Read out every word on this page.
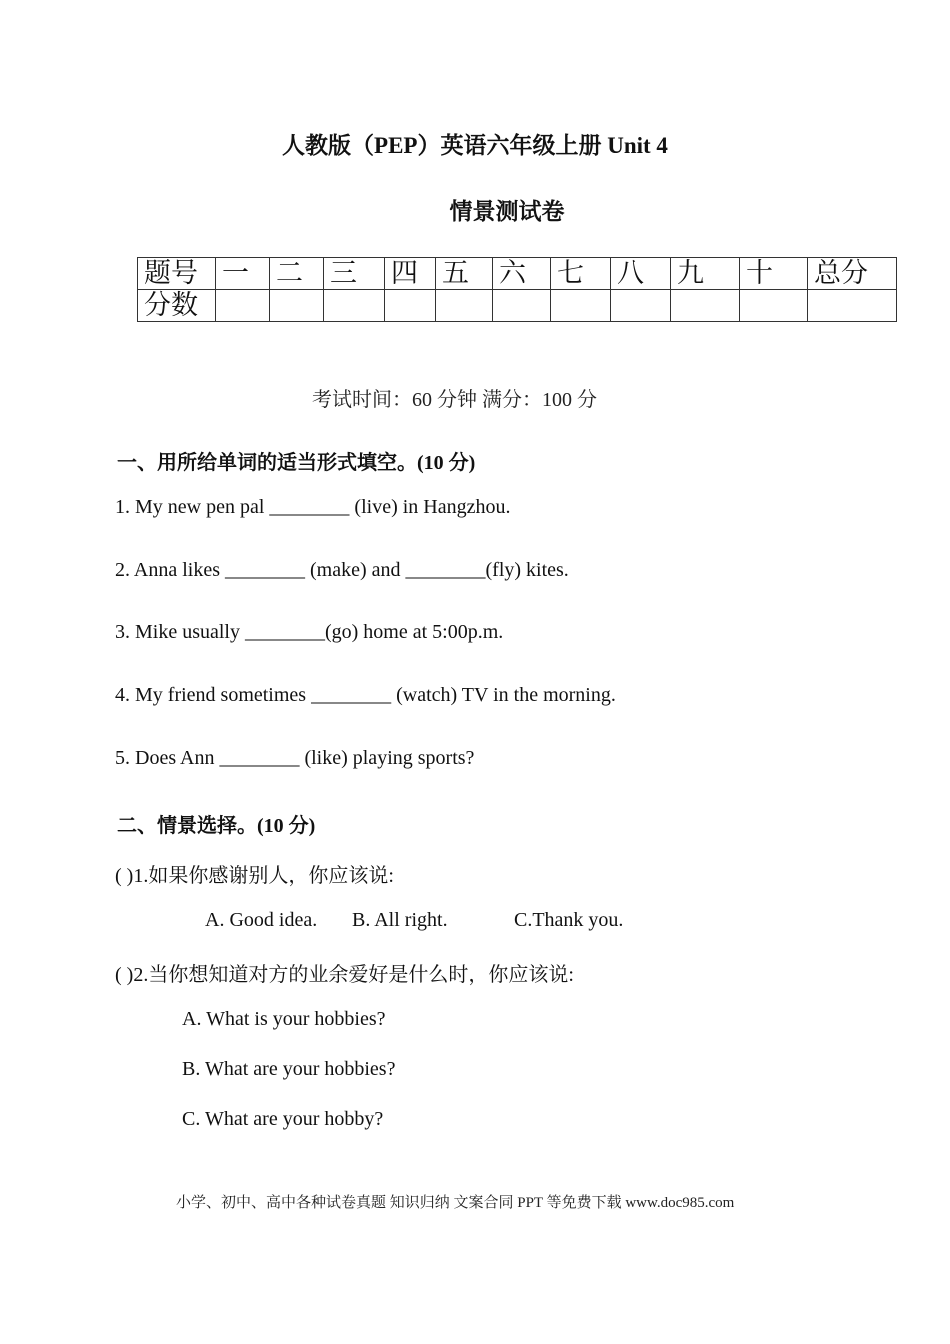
人教版（PEP）英语六年级上册 Unit 4
情景测试卷
题号	一	二	三	四	五	六	七	八	九	十	总分
分数											
考试时间：60 分钟 满分：100 分
一、用所给单词的适当形式填空。(10 分)
1. My new pen pal ________ (live) in Hangzhou.
2. Anna likes ________ (make) and ________(fly) kites.
3. Mike usually ________(go) home at 5:00p.m.
4. My friend sometimes ________ (watch) TV in the morning.
5. Does Ann ________ (like) playing sports?
二、情景选择。(10 分)
( )1.如果你感谢别人，你应该说:
A. Good idea. B. All right.	C.Thank you.
( )2.当你想知道对方的业余爱好是什么时，你应该说:
A. What is your hobbies?
B. What are your hobbies?
C. What are your hobby?
小学、初中、高中各种试卷真题 知识归纳 文案合同 PPT 等免费下载 www.doc985.com
